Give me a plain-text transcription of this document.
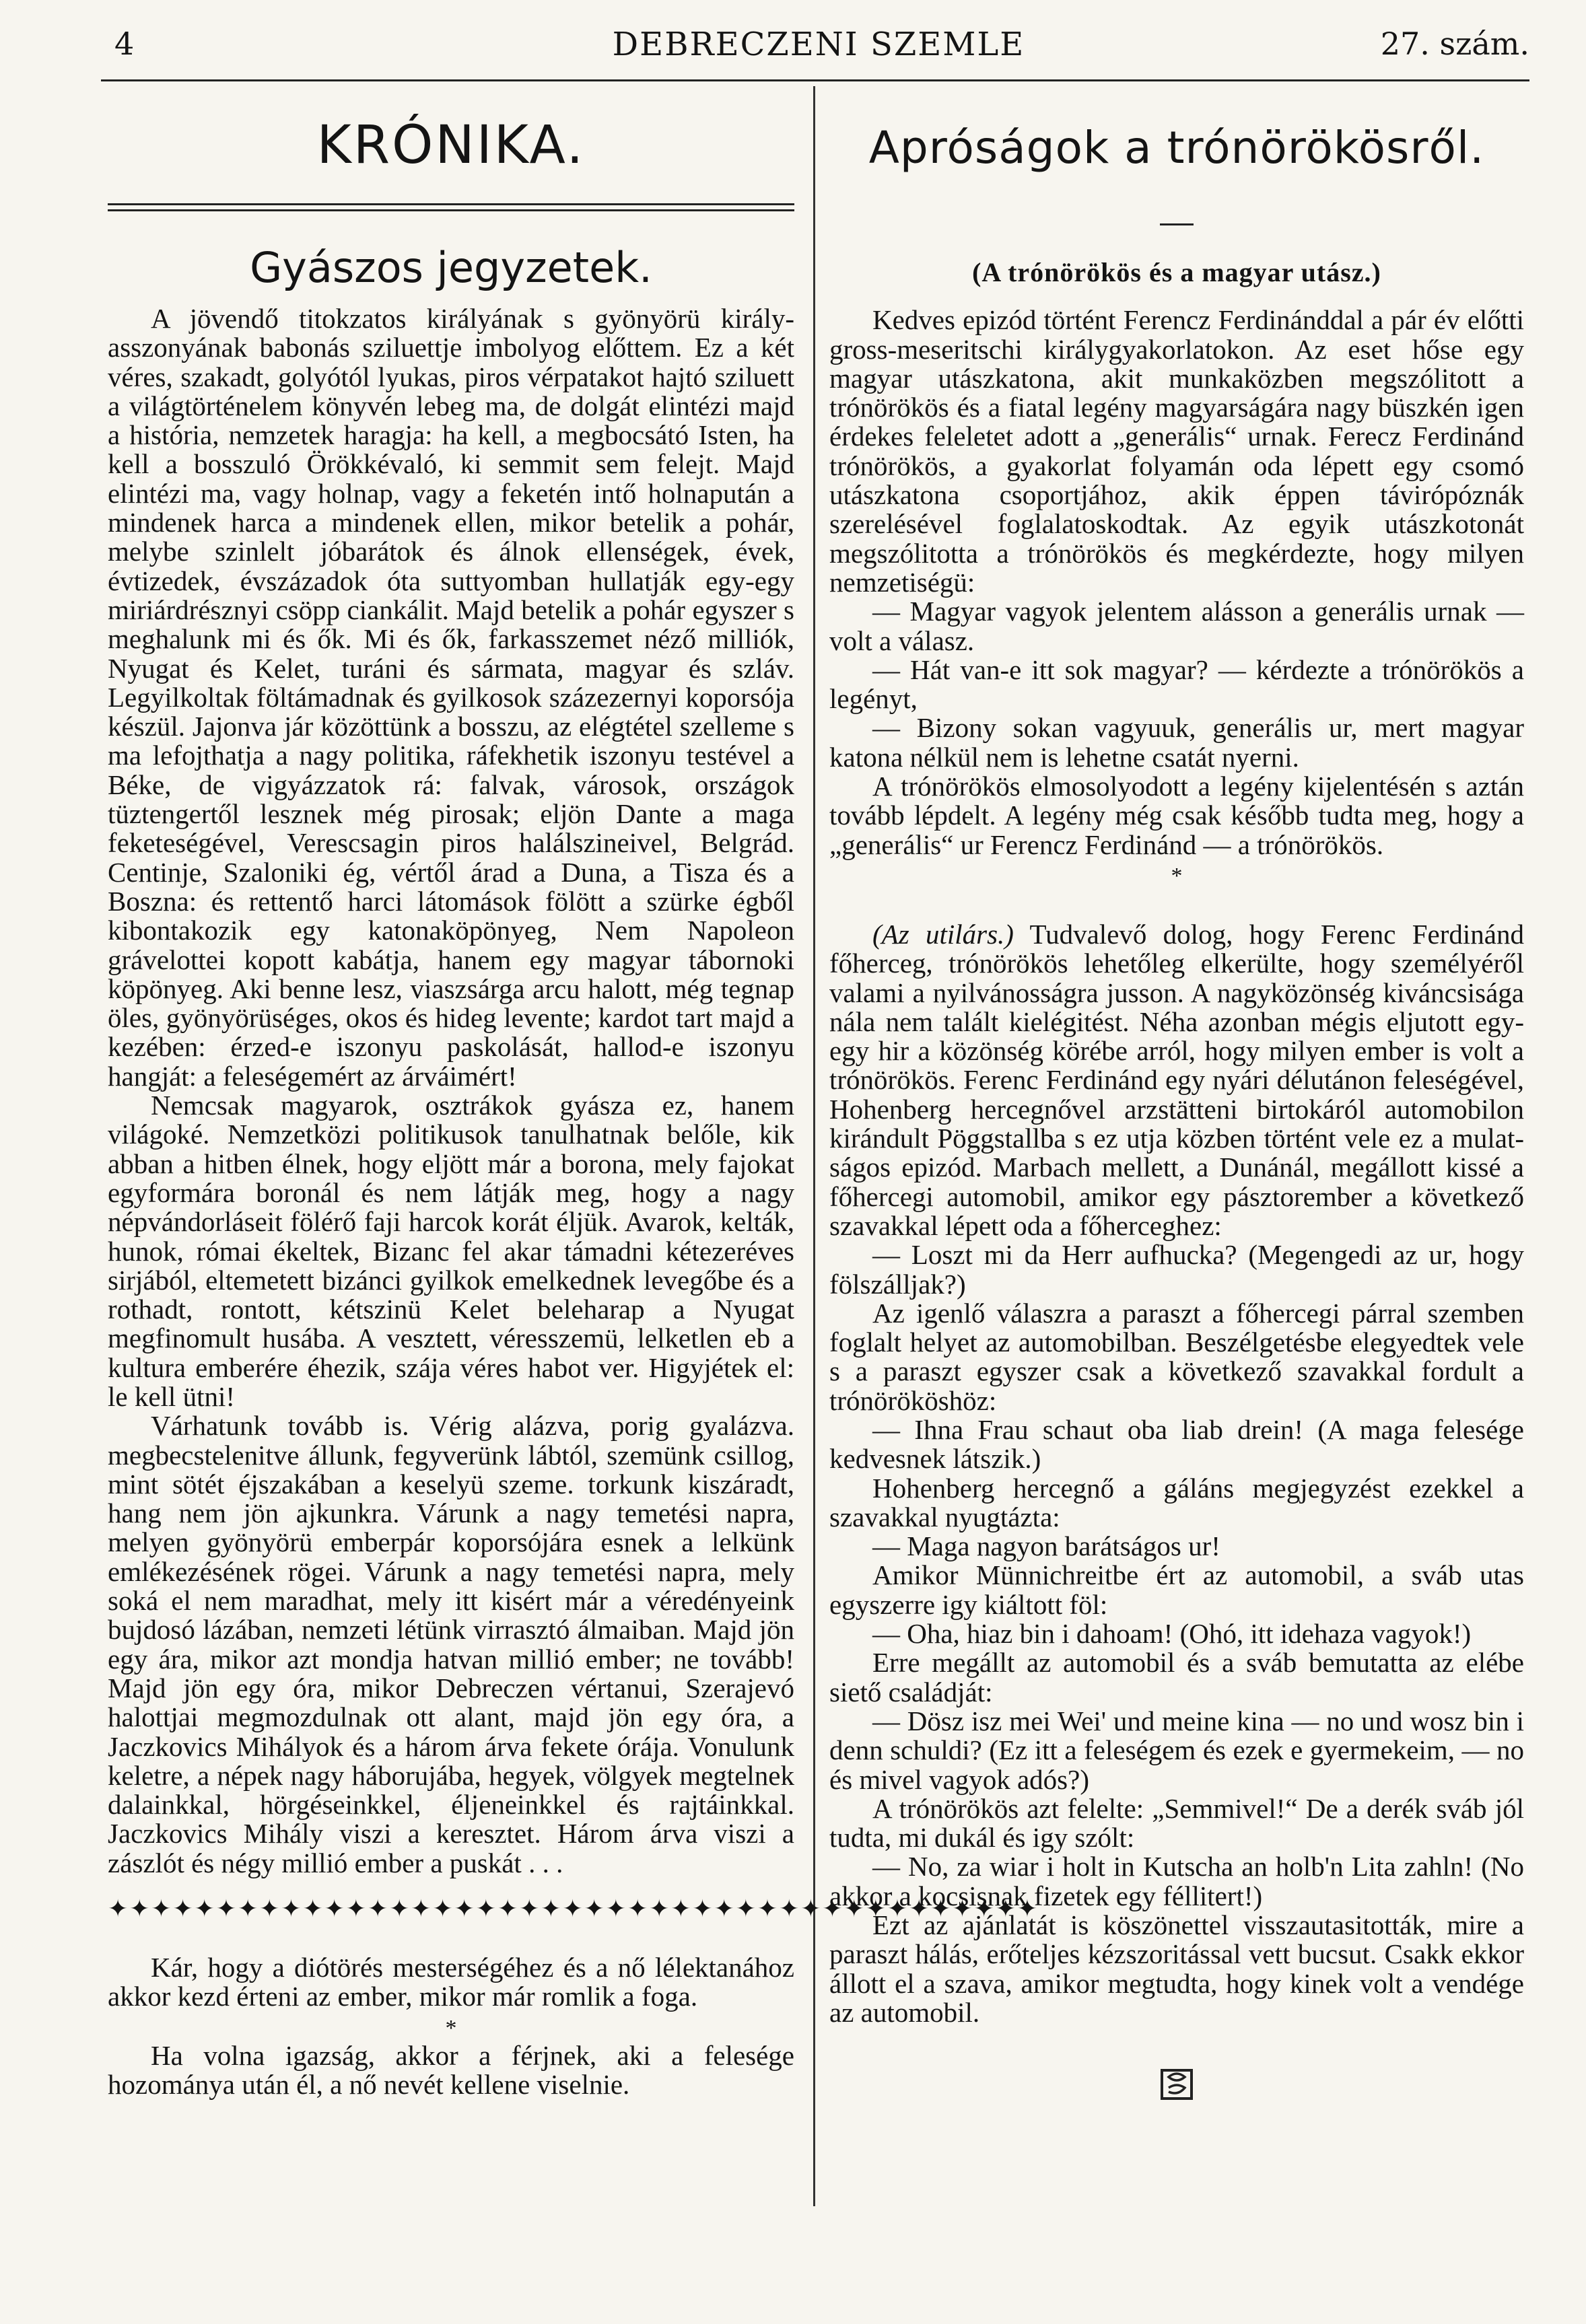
4	DEBRECZENI SZEMLE	27. szám.
KRÓNIKA.
Gyászos jegyzetek.

A jövendő titokzatos királyának s gyönyörü királyasszonyának babonás sziluettje imbolyog előttem. Ez a két véres, szakadt, golyótól lyukas, piros vérpatakot hajtó sziluett a világtörténelem könyvén lebeg ma, de dolgát elintézi majd a história, nemzetek haragja: ha kell, a megbocsátó Isten, ha kell a bosszuló Örökkévaló, ki semmit sem felejt. Majd elintézi ma, vagy holnap, vagy a feketén intő holnapután a mindenek harca a mindenek ellen, mikor betelik a pohár, melybe szinlelt jóbarátok és álnok ellenségek, évek, évtizedek, évszázadok óta suttyomban hullatják egy-egy miriárdrésznyi csöpp ciankálit. Majd betelik a pohár egyszer s meghalunk mi és ők. Mi és ők, farkasszemet néző milliók, Nyugat és Kelet, turáni és sármata, magyar és szláv. Legyilkoltak föltámadnak és gyilkosok százezernyi koporsója készül. Jajonva jár közöttünk a bosszu, az elégtétel szelleme s ma lefojthatja a nagy politika, ráfekhetik iszonyu testével a Béke, de vigyázzatok rá: falvak, városok, országok tüztengertől lesznek még pirosak; eljön Dante a maga feketeségével, Verescsagin piros halálszineivel, Belgrád. Centinje, Szaloniki ég, vértől árad a Duna, a Tisza és a Boszna: és rettentő harci látomások fölött a szürke égből kibontakozik egy katonaköpönyeg, Nem Napoleon grávelottei kopott kabátja, hanem egy magyar tábornoki köpönyeg. Aki benne lesz, viaszsárga arcu halott, még tegnap öles, gyönyörüséges, okos és hideg levente; kardot tart majd a kezében: érzed-e iszonyu paskolását, hallod-e iszonyu hangját: a feleségemért az árváimért!

Nemcsak magyarok, osztrákok gyásza ez, hanem világoké. Nemzetközi politikusok tanulhatnak belőle, kik abban a hitben élnek, hogy eljött már a borona, mely fajokat egyformára boronál és nem látják meg, hogy a nagy népvándorláseit fölérő faji harcok korát éljük. Avarok, kelták, hunok, római ékeltek, Bizanc fel akar támadni kétezeréves sirjából, eltemetett bizánci gyilkok emelkednek levegőbe és a rothadt, rontott, kétszinü Kelet beleharap a Nyugat megfinomult husába. A vesztett, véresszemü, lelketlen eb a kultura emberére éhezik, szája véres habot ver. Higyjétek el: le kell ütni!

Várhatunk tovább is. Vérig alázva, porig gyalázva. megbecstelenitve állunk, fegyverünk lábtól, szemünk csillog, mint sötét éjszakában a keselyü szeme. torkunk kiszáradt, hang nem jön ajkunkra. Várunk a nagy temetési napra, melyen gyönyörü emberpár koporsójára esnek a lelkünk emlékezésének rögei. Várunk a nagy temetési napra, mely soká el nem maradhat, mely itt kisért már a véredényeink bujdosó lázában, nemzeti létünk virrasztó álmaiban. Majd jön egy ára, mikor azt mondja hatvan millió ember; ne tovább! Majd jön egy óra, mikor Debreczen vértanui, Szerajevó halottjai megmozdulnak ott alant, majd jön egy óra, a Jaczkovics Mihályok és a három árva fekete órája. Vonulunk keletre, a népek nagy háborujába, hegyek, völgyek megtelnek dalainkkal, hörgéseinkkel, éljeneinkkel és rajtáinkkal. Jaczkovics Mihály viszi a keresztet. Három árva viszi a zászlót és négy millió ember a puskát . . .

✦✦✦✦✦✦✦✦✦✦✦✦✦✦✦✦✦✦✦✦✦✦✦✦✦✦✦✦✦✦✦✦✦✦✦✦✦✦✦✦✦✦✦

Kár, hogy a diótörés mesterségéhez és a nő lélektanához akkor kezd érteni az ember, mikor már romlik a foga.

*

Ha volna igazság, akkor a férjnek, aki a felesége hozománya után él, a nő nevét kellene viselnie.

Apróságok a trónörökösről.
(A trónörökös és a magyar utász.)

Kedves epizód történt Ferencz Ferdinánddal a pár év előtti gross-meseritschi királygyakorlatokon. Az eset hőse egy magyar utászkatona, akit munkaközben megszólitott a trónörökös és a fiatal legény magyarságára nagy büszkén igen érdekes feleletet adott a „generális“ urnak. Ferecz Ferdinánd trónörökös, a gyakorlat folyamán oda lépett egy csomó utászkatona csoportjához, akik éppen távirópóznák szerelésével foglalatoskodtak. Az egyik utászkotonát megszólitotta a trónörökös és megkérdezte, hogy milyen nemzetiségü:

— Magyar vagyok jelentem alásson a generális urnak — volt a válasz.

— Hát van-e itt sok magyar? — kérdezte a trónörökös a legényt,

— Bizony sokan vagyuuk, generális ur, mert magyar katona nélkül nem is lehetne csatát nyerni.

A trónörökös elmosolyodott a legény kijelentésén s aztán tovább lépdelt. A legény még csak később tudta meg, hogy a „generális“ ur Ferencz Ferdinánd — a trónörökös.

*

(Az utilárs.) Tudvalevő dolog, hogy Ferenc Ferdinánd főherceg, trónörökös lehetőleg elkerülte, hogy személyéről valami a nyilvánosságra jusson. A nagyközönség kiváncsisága nála nem talált kielégitést. Néha azonban mégis eljutott egy-egy hir a közönség körébe arról, hogy milyen ember is volt a trónörökös. Ferenc Ferdinánd egy nyári délutánon feleségével, Hohenberg hercegnővel arzstätteni birtokáról automobilon kirándult Pöggstallba s ez utja közben történt vele ez a mulatságos epizód. Marbach mellett, a Dunánál, megállott kissé a főhercegi automobil, amikor egy pásztorember a következő szavakkal lépett oda a főherceghez:

— Loszt mi da Herr aufhucka? (Megengedi az ur, hogy fölszálljak?)

Az igenlő válaszra a paraszt a főhercegi párral szemben foglalt helyet az automobilban. Beszélgetésbe elegyedtek vele s a paraszt egyszer csak a következő szavakkal fordult a trónörököshöz:

— Ihna Frau schaut oba liab drein! (A maga felesége kedvesnek látszik.)

Hohenberg hercegnő a gáláns megjegyzést ezekkel a szavakkal nyugtázta:

— Maga nagyon barátságos ur!

Amikor Münnichreitbe ért az automobil, a sváb utas egyszerre igy kiáltott föl:

— Oha, hiaz bin i dahoam! (Ohó, itt idehaza vagyok!)

Erre megállt az automobil és a sváb bemutatta az elébe siető családját:

— Dösz isz mei Wei' und meine kina — no und wosz bin i denn schuldi? (Ez itt a feleségem és ezek e gyermekeim, — no és mivel vagyok adós?)

A trónörökös azt felelte: „Semmivel!“ De a derék sváb jól tudta, mi dukál és igy szólt:

— No, za wiar i holt in Kutscha an holb'n Lita zahln! (No akkor a kocsisnak fizetek egy féllitert!)

Ezt az ajánlatát is köszönettel visszautasitották, mire a paraszt hálás, erőteljes kézszoritással vett bucsut. Csakk ekkor állott el a szava, amikor megtudta, hogy kinek volt a vendége az automobil.
